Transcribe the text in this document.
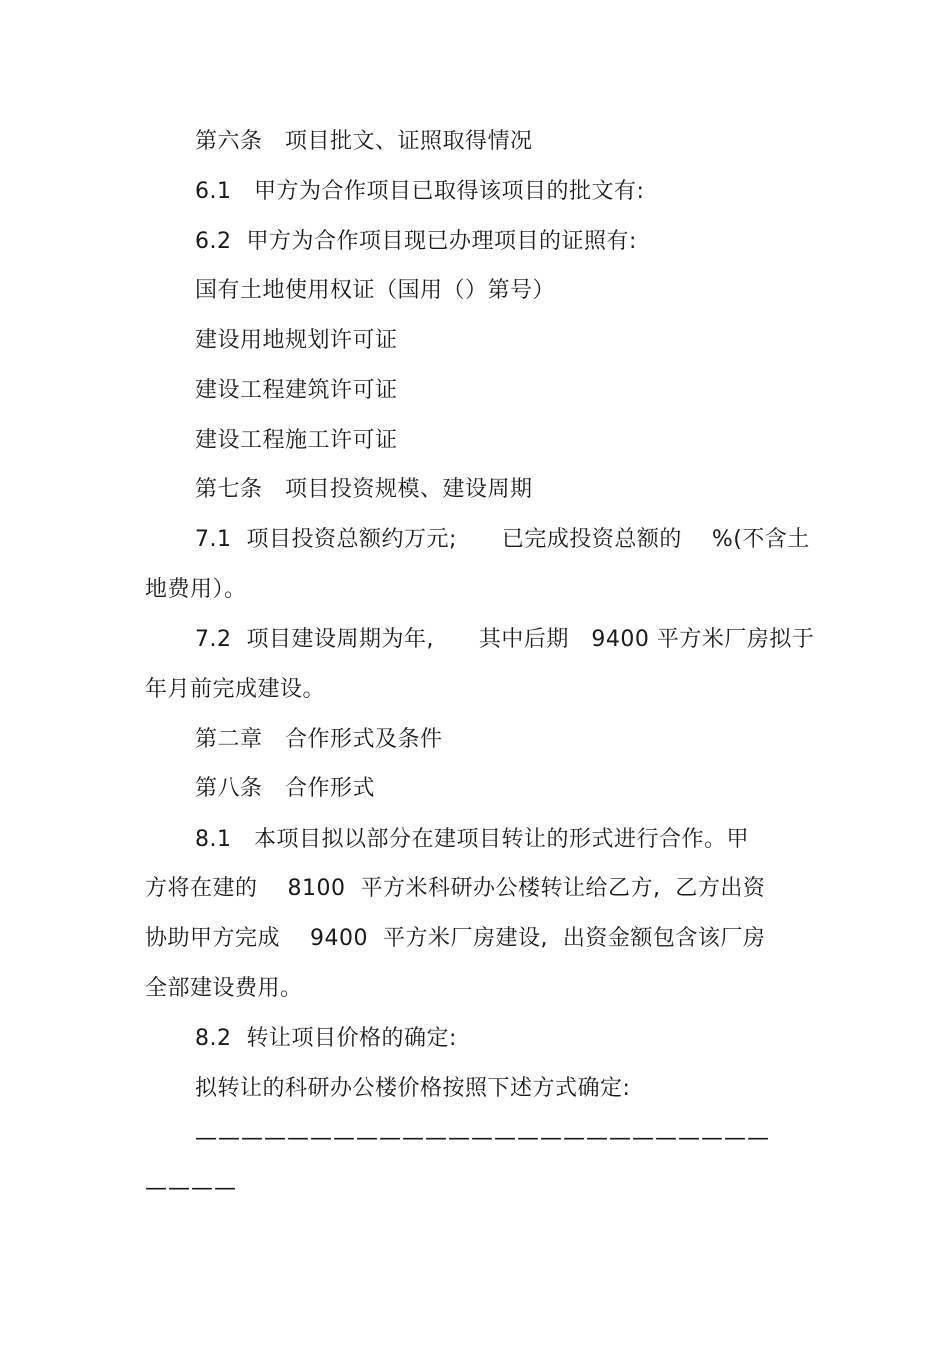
第六条   项目批文、证照取得情况
6.1   甲方为合作项目已取得该项目的批文有:
6.2  甲方为合作项目现已办理项目的证照有:
国有土地使用权证（国用（）第号）
建设用地规划许可证
建设工程建筑许可证
建设工程施工许可证
第七条   项目投资规模、建设周期
7.1  项目投资总额约万元;      已完成投资总额的    %(不含土
地费用）。
7.2  项目建设周期为年,      其中后期   9400 平方米厂房拟于
年月前完成建设。
第二章   合作形式及条件
第八条   合作形式
8.1   本项目拟以部分在建项目转让的形式进行合作。甲
方将在建的    8100  平方米科研办公楼转让给乙方,  乙方出资
协助甲方完成    9400  平方米厂房建设,  出资金额包含该厂房
全部建设费用。
8.2  转让项目价格的确定:
拟转让的科研办公楼价格按照下述方式确定:
—————————————————————————
————
